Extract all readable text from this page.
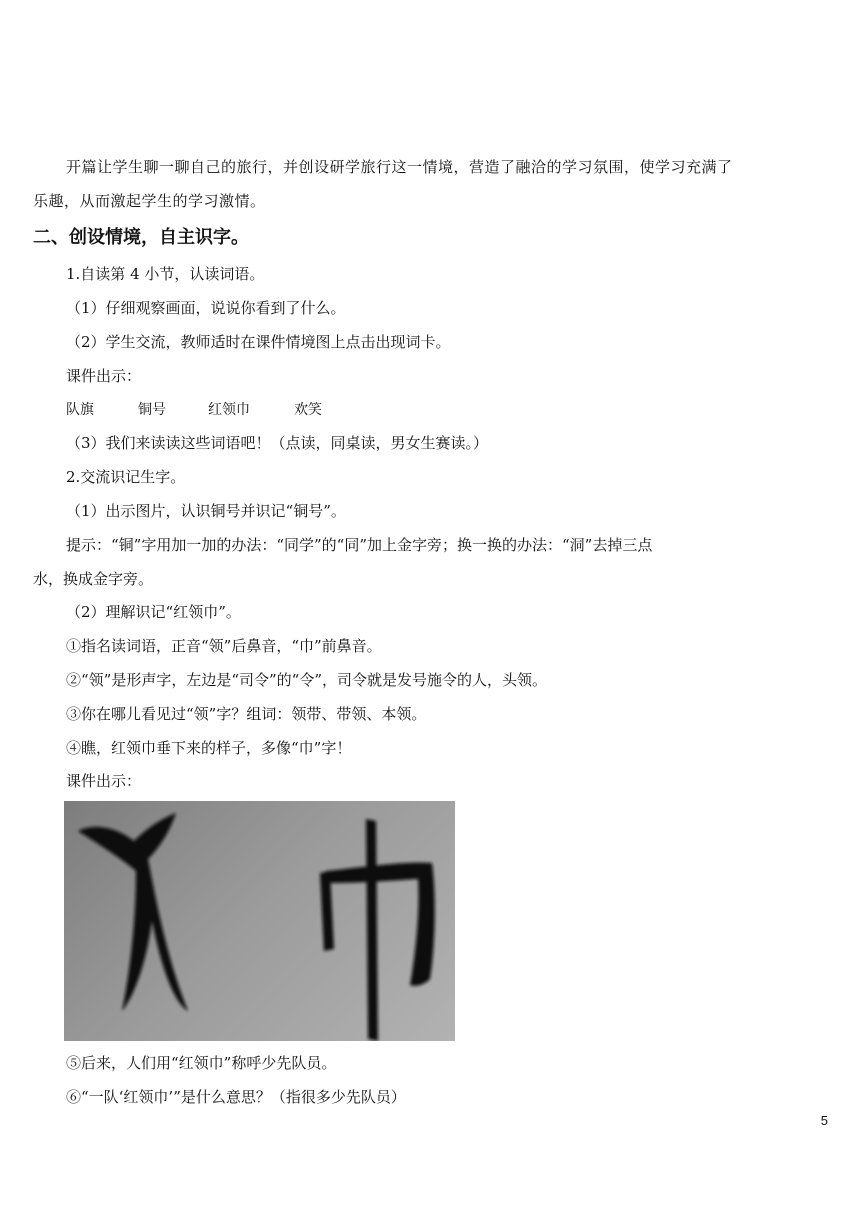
开篇让学生聊一聊自己的旅行，并创设研学旅行这一情境，营造了融洽的学习氛围，使学习充满了
乐趣，从而激起学生的学习激情。
二、创设情境，自主识字。
1.自读第 4 小节，认读词语。
（1）仔细观察画面，说说你看到了什么。
（2）学生交流，教师适时在课件情境图上点击出现词卡。
课件出示：
队旗	铜号	红领巾	欢笑
（3）我们来读读这些词语吧！（点读，同桌读，男女生赛读。）
2.交流识记生字。
（1）出示图片，认识铜号并识记“铜号”。
提示：“铜”字用加一加的办法：“同学”的“同”加上金字旁；换一换的办法：“洞”去掉三点
水，换成金字旁。
（2）理解识记“红领巾”。
①指名读词语，正音“领”后鼻音，“巾”前鼻音。
②“领”是形声字，左边是“司令”的“令”，司令就是发号施令的人，头领。
③你在哪儿看见过“领”字？组词：领带、带领、本领。
④瞧，红领巾垂下来的样子，多像“巾”字！
课件出示：
⑤后来，人们用“红领巾”称呼少先队员。
⑥“一队‘红领巾’”是什么意思？（指很多少先队员）
5
